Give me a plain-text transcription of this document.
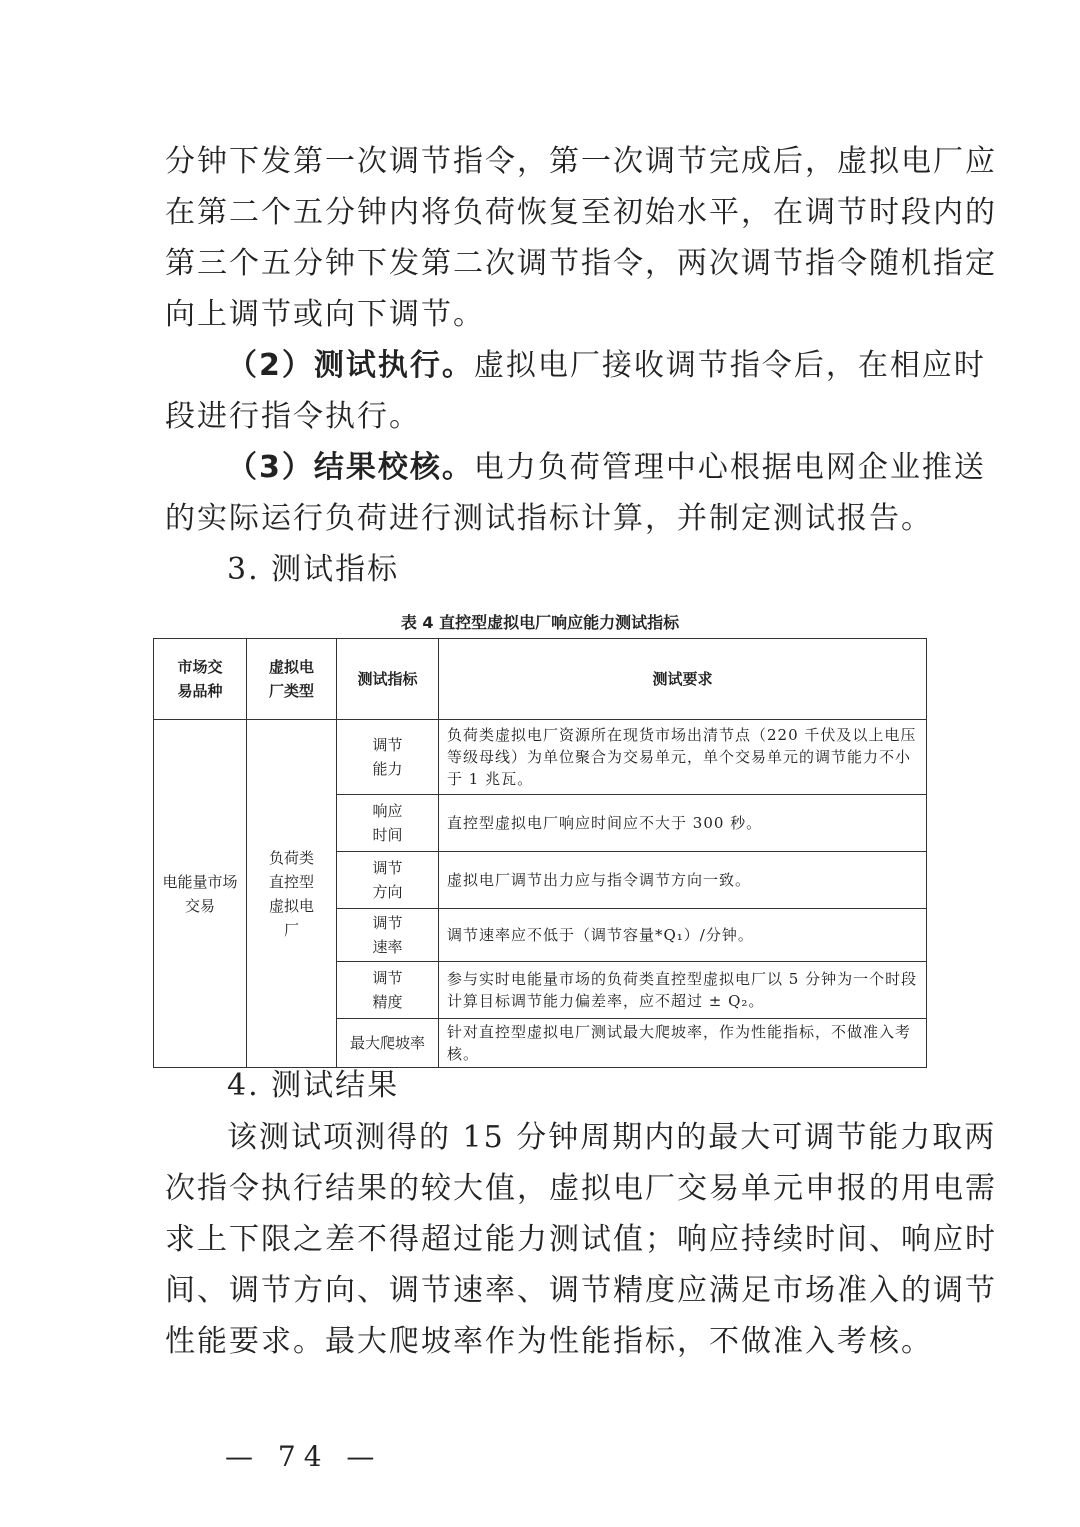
分钟下发第一次调节指令，第一次调节完成后，虚拟电厂应
在第二个五分钟内将负荷恢复至初始水平，在调节时段内的
第三个五分钟下发第二次调节指令，两次调节指令随机指定
向上调节或向下调节。
（2）测试执行。虚拟电厂接收调节指令后，在相应时
段进行指令执行。
（3）结果校核。电力负荷管理中心根据电网企业推送
的实际运行负荷进行测试指标计算，并制定测试报告。
3. 测试指标
表 4 直控型虚拟电厂响应能力测试指标
市场交易品种	虚拟电厂类型	测试指标	测试要求
电能量市场交易	负荷类直控型虚拟电厂	调节能力	负荷类虚拟电厂资源所在现货市场出清节点（220 千伏及以上电压等级母线）为单位聚合为交易单元，单个交易单元的调节能力不小于 1 兆瓦。
		响应时间	直控型虚拟电厂响应时间应不大于 300 秒。
		调节方向	虚拟电厂调节出力应与指令调节方向一致。
		调节速率	调节速率应不低于（调节容量*Q₁）/分钟。
		调节精度	参与实时电能量市场的负荷类直控型虚拟电厂以 5 分钟为一个时段计算目标调节能力偏差率，应不超过 ± Q₂。
		最大爬坡率	针对直控型虚拟电厂测试最大爬坡率，作为性能指标，不做准入考核。
4. 测试结果
该测试项测得的 15 分钟周期内的最大可调节能力取两
次指令执行结果的较大值，虚拟电厂交易单元申报的用电需
求上下限之差不得超过能力测试值；响应持续时间、响应时
间、调节方向、调节速率、调节精度应满足市场准入的调节
性能要求。最大爬坡率作为性能指标，不做准入考核。
— 74 —
